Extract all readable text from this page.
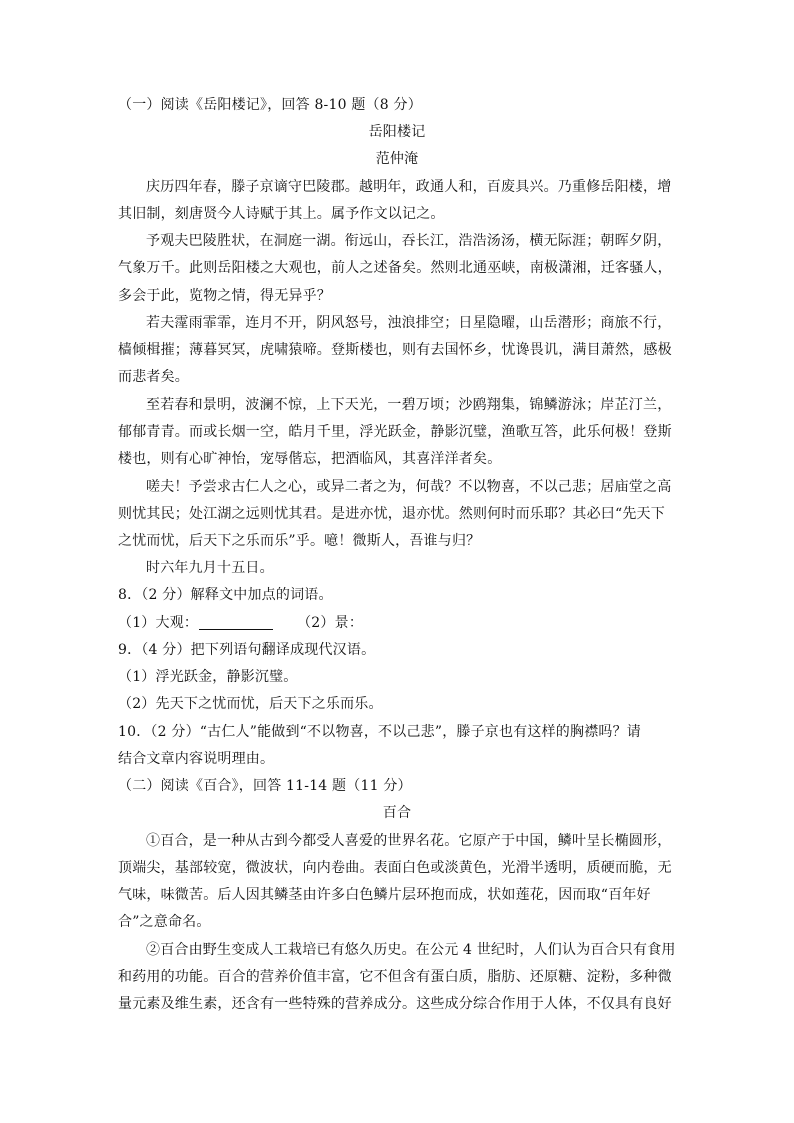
（一）阅读《岳阳楼记》，回答 8-10 题（8 分）
岳阳楼记
范仲淹
庆历四年春，滕子京谪守巴陵郡。越明年，政通人和，百废具兴。乃重修岳阳楼，增
其旧制，刻唐贤今人诗赋于其上。属予作文以记之。
予观夫巴陵胜状，在洞庭一湖。衔远山，吞长江，浩浩汤汤，横无际涯；朝晖夕阴，
气象万千。此则岳阳楼之大观也，前人之述备矣。然则北通巫峡，南极潇湘，迁客骚人，
多会于此，览物之情，得无异乎？
若夫霪雨霏霏，连月不开，阴风怒号，浊浪排空；日星隐曜，山岳潜形；商旅不行，
樯倾楫摧；薄暮冥冥，虎啸猿啼。登斯楼也，则有去国怀乡，忧谗畏讥，满目萧然，感极
而悲者矣。
至若春和景明，波澜不惊，上下天光，一碧万顷；沙鸥翔集，锦鳞游泳；岸芷汀兰，
郁郁青青。而或长烟一空，皓月千里，浮光跃金，静影沉璧，渔歌互答，此乐何极！登斯
楼也，则有心旷神怡，宠辱偕忘，把酒临风，其喜洋洋者矣。
嗟夫！予尝求古仁人之心，或异二者之为，何哉？不以物喜，不以己悲；居庙堂之高
则忧其民；处江湖之远则忧其君。是进亦忧，退亦忧。然则何时而乐耶？其必曰“先天下
之忧而忧，后天下之乐而乐”乎。噫！微斯人，吾谁与归？
时六年九月十五日。
8．（2 分）解释文中加点的词语。
（1）大观：	（2）景：
9．（4 分）把下列语句翻译成现代汉语。
（1）浮光跃金，静影沉璧。
（2）先天下之忧而忧，后天下之乐而乐。
10．（2 分）“古仁人”能做到“不以物喜，不以己悲”，滕子京也有这样的胸襟吗？请
结合文章内容说明理由。
（二）阅读《百合》，回答 11-14 题（11 分）
百合
①百合，是一种从古到今都受人喜爱的世界名花。它原产于中国，鳞叶呈长椭圆形，
顶端尖，基部较宽，微波状，向内卷曲。表面白色或淡黄色，光滑半透明，质硬而脆，无
气味，味微苦。后人因其鳞茎由许多白色鳞片层环抱而成，状如莲花，因而取“百年好
合”之意命名。
②百合由野生变成人工栽培已有悠久历史。在公元 4 世纪时，人们认为百合只有食用
和药用的功能。百合的营养价值丰富，它不但含有蛋白质，脂肪、还原糖、淀粉，多种微
量元素及维生素，还含有一些特殊的营养成分。这些成分综合作用于人体，不仅具有良好
